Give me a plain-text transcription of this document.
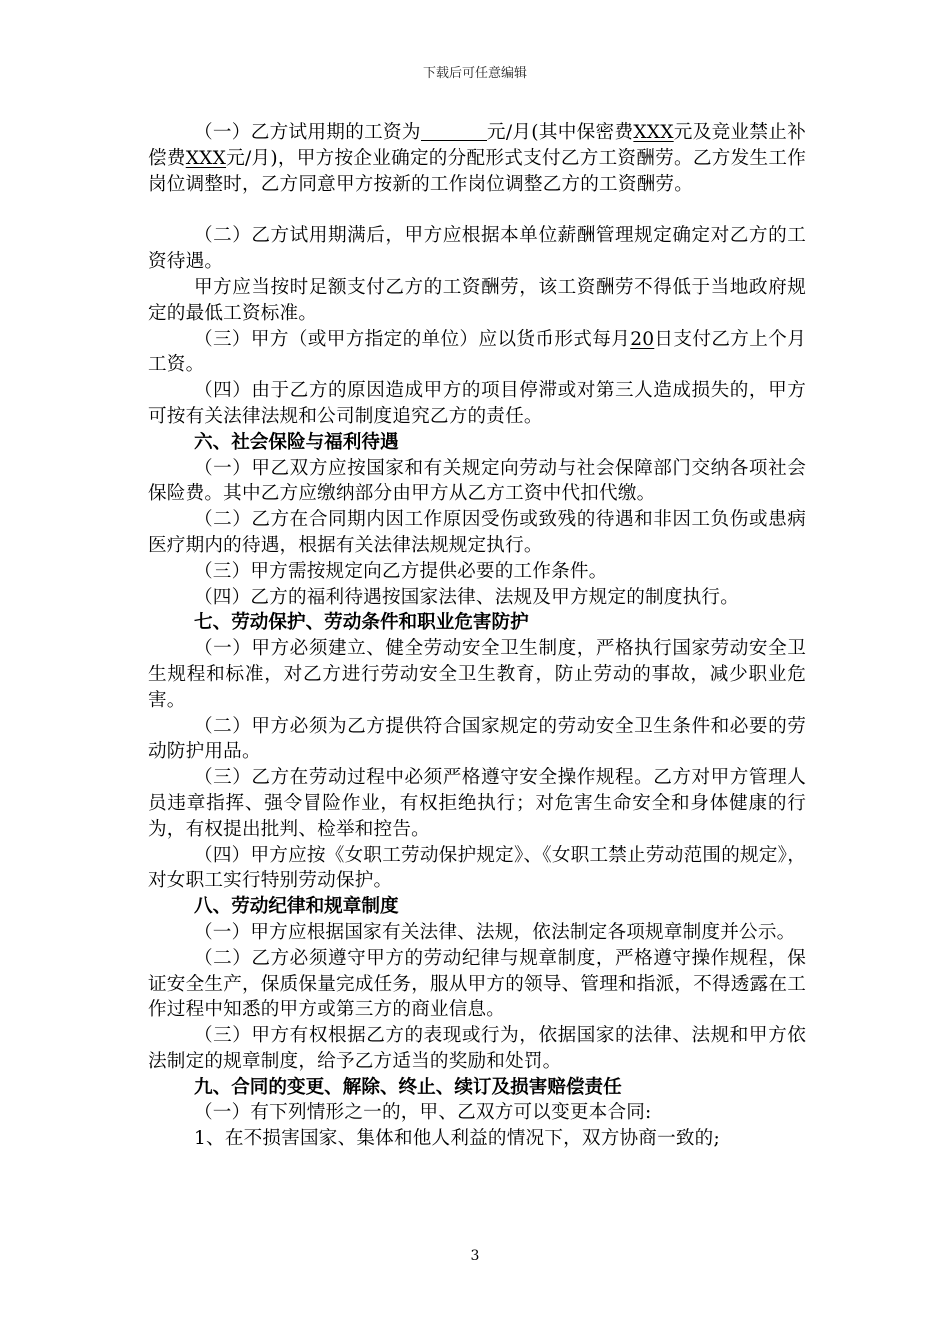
下载后可任意编辑

（一）乙方试用期的工资为	元/月(其中保密费XXX元及竞业禁止补偿费XXX元/月)，甲方按企业确定的分配形式支付乙方工资酬劳。乙方发生工作岗位调整时，乙方同意甲方按新的工作岗位调整乙方的工资酬劳。

（二）乙方试用期满后，甲方应根据本单位薪酬管理规定确定对乙方的工资待遇。

甲方应当按时足额支付乙方的工资酬劳，该工资酬劳不得低于当地政府规定的最低工资标准。

（三）甲方（或甲方指定的单位）应以货币形式每月20日支付乙方上个月工资。

（四）由于乙方的原因造成甲方的项目停滞或对第三人造成损失的，甲方可按有关法律法规和公司制度追究乙方的责任。

六、社会保险与福利待遇

（一）甲乙双方应按国家和有关规定向劳动与社会保障部门交纳各项社会保险费。其中乙方应缴纳部分由甲方从乙方工资中代扣代缴。

（二）乙方在合同期内因工作原因受伤或致残的待遇和非因工负伤或患病医疗期内的待遇，根据有关法律法规规定执行。

（三）甲方需按规定向乙方提供必要的工作条件。

（四）乙方的福利待遇按国家法律、法规及甲方规定的制度执行。

七、劳动保护、劳动条件和职业危害防护

（一）甲方必须建立、健全劳动安全卫生制度，严格执行国家劳动安全卫生规程和标准，对乙方进行劳动安全卫生教育，防止劳动的事故，减少职业危害。

（二）甲方必须为乙方提供符合国家规定的劳动安全卫生条件和必要的劳动防护用品。

（三）乙方在劳动过程中必须严格遵守安全操作规程。乙方对甲方管理人员违章指挥、强令冒险作业，有权拒绝执行；对危害生命安全和身体健康的行为，有权提出批判、检举和控告。

（四）甲方应按《女职工劳动保护规定》、《女职工禁止劳动范围的规定》，对女职工实行特别劳动保护。

八、劳动纪律和规章制度

（一）甲方应根据国家有关法律、法规，依法制定各项规章制度并公示。

（二）乙方必须遵守甲方的劳动纪律与规章制度，严格遵守操作规程，保证安全生产，保质保量完成任务，服从甲方的领导、管理和指派，不得透露在工作过程中知悉的甲方或第三方的商业信息。

（三）甲方有权根据乙方的表现或行为，依据国家的法律、法规和甲方依法制定的规章制度，给予乙方适当的奖励和处罚。

九、合同的变更、解除、终止、续订及损害赔偿责任

（一）有下列情形之一的，甲、乙双方可以变更本合同:

1、在不损害国家、集体和他人利益的情况下，双方协商一致的;

3
